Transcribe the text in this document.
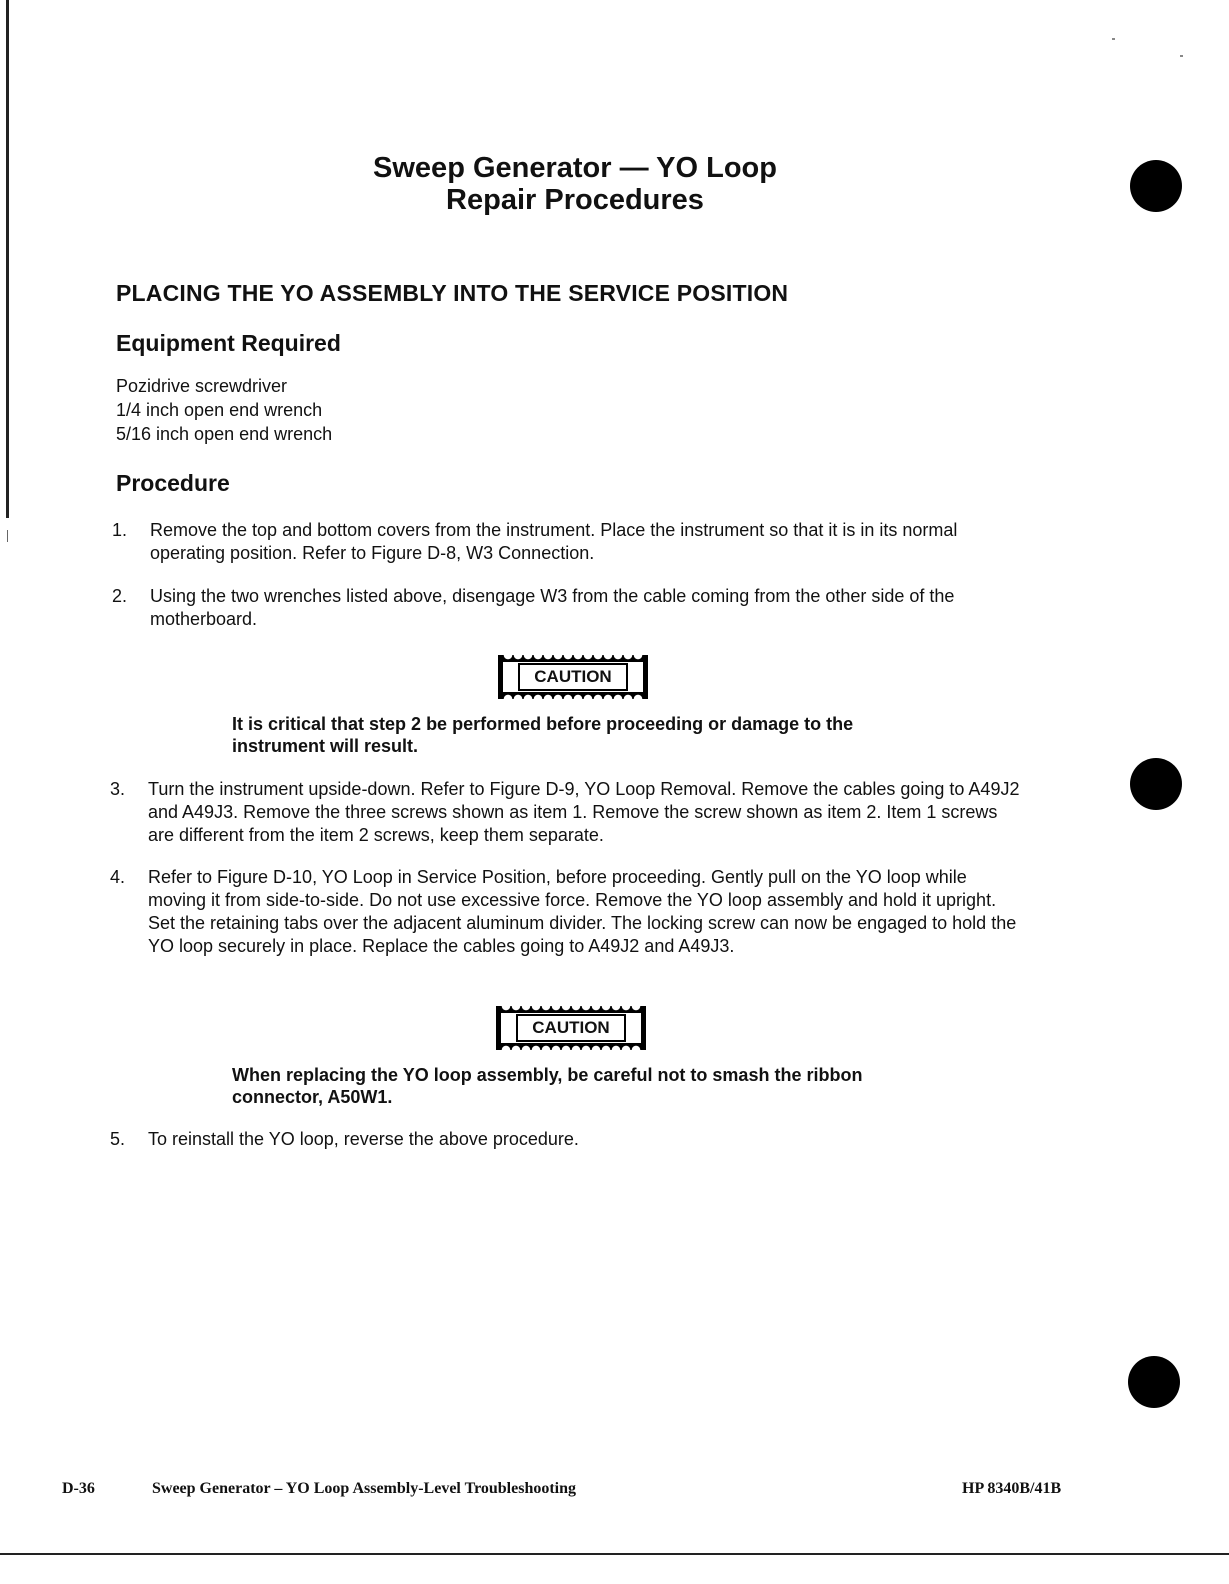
Sweep Generator — YO Loop
Repair Procedures
PLACING THE YO ASSEMBLY INTO THE SERVICE POSITION
Equipment Required
Pozidrive screwdriver
1/4 inch open end wrench
5/16 inch open end wrench
Procedure
1. Remove the top and bottom covers from the instrument. Place the instrument so that it is in its normal operating position. Refer to Figure D-8, W3 Connection.
2. Using the two wrenches listed above, disengage W3 from the cable coming from the other side of the motherboard.
CAUTION
It is critical that step 2 be performed before proceeding or damage to the instrument will result.
3. Turn the instrument upside-down. Refer to Figure D-9, YO Loop Removal. Remove the cables going to A49J2 and A49J3. Remove the three screws shown as item 1. Remove the screw shown as item 2. Item 1 screws are different from the item 2 screws, keep them separate.
4. Refer to Figure D-10, YO Loop in Service Position, before proceeding. Gently pull on the YO loop while moving it from side-to-side. Do not use excessive force. Remove the YO loop assembly and hold it upright. Set the retaining tabs over the adjacent aluminum divider. The locking screw can now be engaged to hold the YO loop securely in place. Replace the cables going to A49J2 and A49J3.
CAUTION
When replacing the YO loop assembly, be careful not to smash the ribbon connector, A50W1.
5. To reinstall the YO loop, reverse the above procedure.
D-36	Sweep Generator – YO Loop Assembly-Level Troubleshooting	HP 8340B/41B
